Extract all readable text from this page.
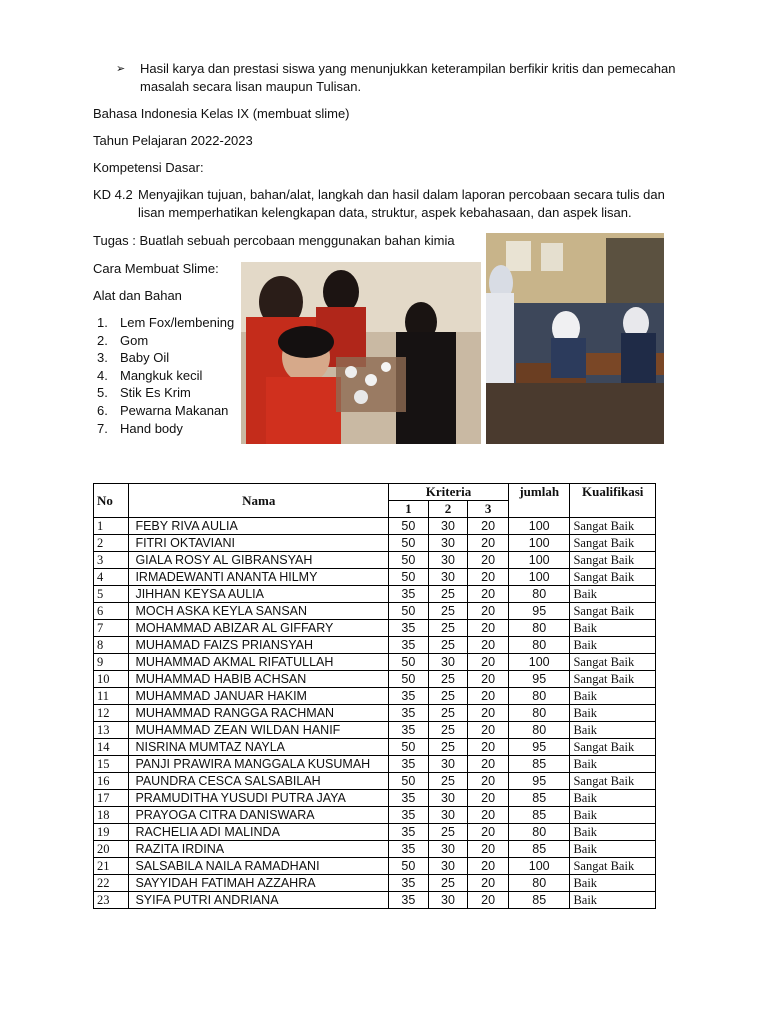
➢ Hasil karya dan prestasi siswa yang menunjukkan keterampilan berfikir kritis dan pemecahan
masalah secara lisan maupun Tulisan.
Bahasa Indonesia Kelas IX (membuat slime)
Tahun Pelajaran 2022-2023
Kompetensi Dasar:
KD 4.2 Menyajikan tujuan, bahan/alat, langkah dan hasil dalam laporan percobaan secara tulis dan
lisan memperhatikan kelengkapan data, struktur, aspek kebahasaan, dan aspek lisan.
Tugas : Buatlah sebuah percobaan menggunakan bahan kimia
Cara Membuat Slime:
Alat dan Bahan
1. Lem Fox/lembening
2. Gom
3. Baby Oil
4. Mangkuk kecil
5. Stik Es Krim
6. Pewarna Makanan
7. Hand body
No	Nama	Kriteria			jumlah	Kualifikasi
		1	2	3		
1	FEBY RIVA AULIA	50	30	20	100	Sangat Baik
2	FITRI OKTAVIANI	50	30	20	100	Sangat Baik
3	GIALA ROSY AL GIBRANSYAH	50	30	20	100	Sangat Baik
4	IRMADEWANTI ANANTA HILMY	50	30	20	100	Sangat Baik
5	JIHHAN KEYSA AULIA	35	25	20	80	Baik
6	MOCH ASKA KEYLA SANSAN	50	25	20	95	Sangat Baik
7	MOHAMMAD ABIZAR AL GIFFARY	35	25	20	80	Baik
8	MUHAMAD FAIZS PRIANSYAH	35	25	20	80	Baik
9	MUHAMMAD AKMAL RIFATULLAH	50	30	20	100	Sangat Baik
10	MUHAMMAD HABIB ACHSAN	50	25	20	95	Sangat Baik
11	MUHAMMAD JANUAR HAKIM	35	25	20	80	Baik
12	MUHAMMAD RANGGA RACHMAN	35	25	20	80	Baik
13	MUHAMMAD ZEAN WILDAN HANIF	35	25	20	80	Baik
14	NISRINA MUMTAZ NAYLA	50	25	20	95	Sangat Baik
15	PANJI PRAWIRA MANGGALA KUSUMAH	35	30	20	85	Baik
16	PAUNDRA CESCA SALSABILAH	50	25	20	95	Sangat Baik
17	PRAMUDITHA YUSUDI PUTRA JAYA	35	30	20	85	Baik
18	PRAYOGA CITRA DANISWARA	35	30	20	85	Baik
19	RACHELIA ADI MALINDA	35	25	20	80	Baik
20	RAZITA IRDINA	35	30	20	85	Baik
21	SALSABILA NAILA RAMADHANI	50	30	20	100	Sangat Baik
22	SAYYIDAH FATIMAH AZZAHRA	35	25	20	80	Baik
23	SYIFA PUTRI ANDRIANA	35	30	20	85	Baik
